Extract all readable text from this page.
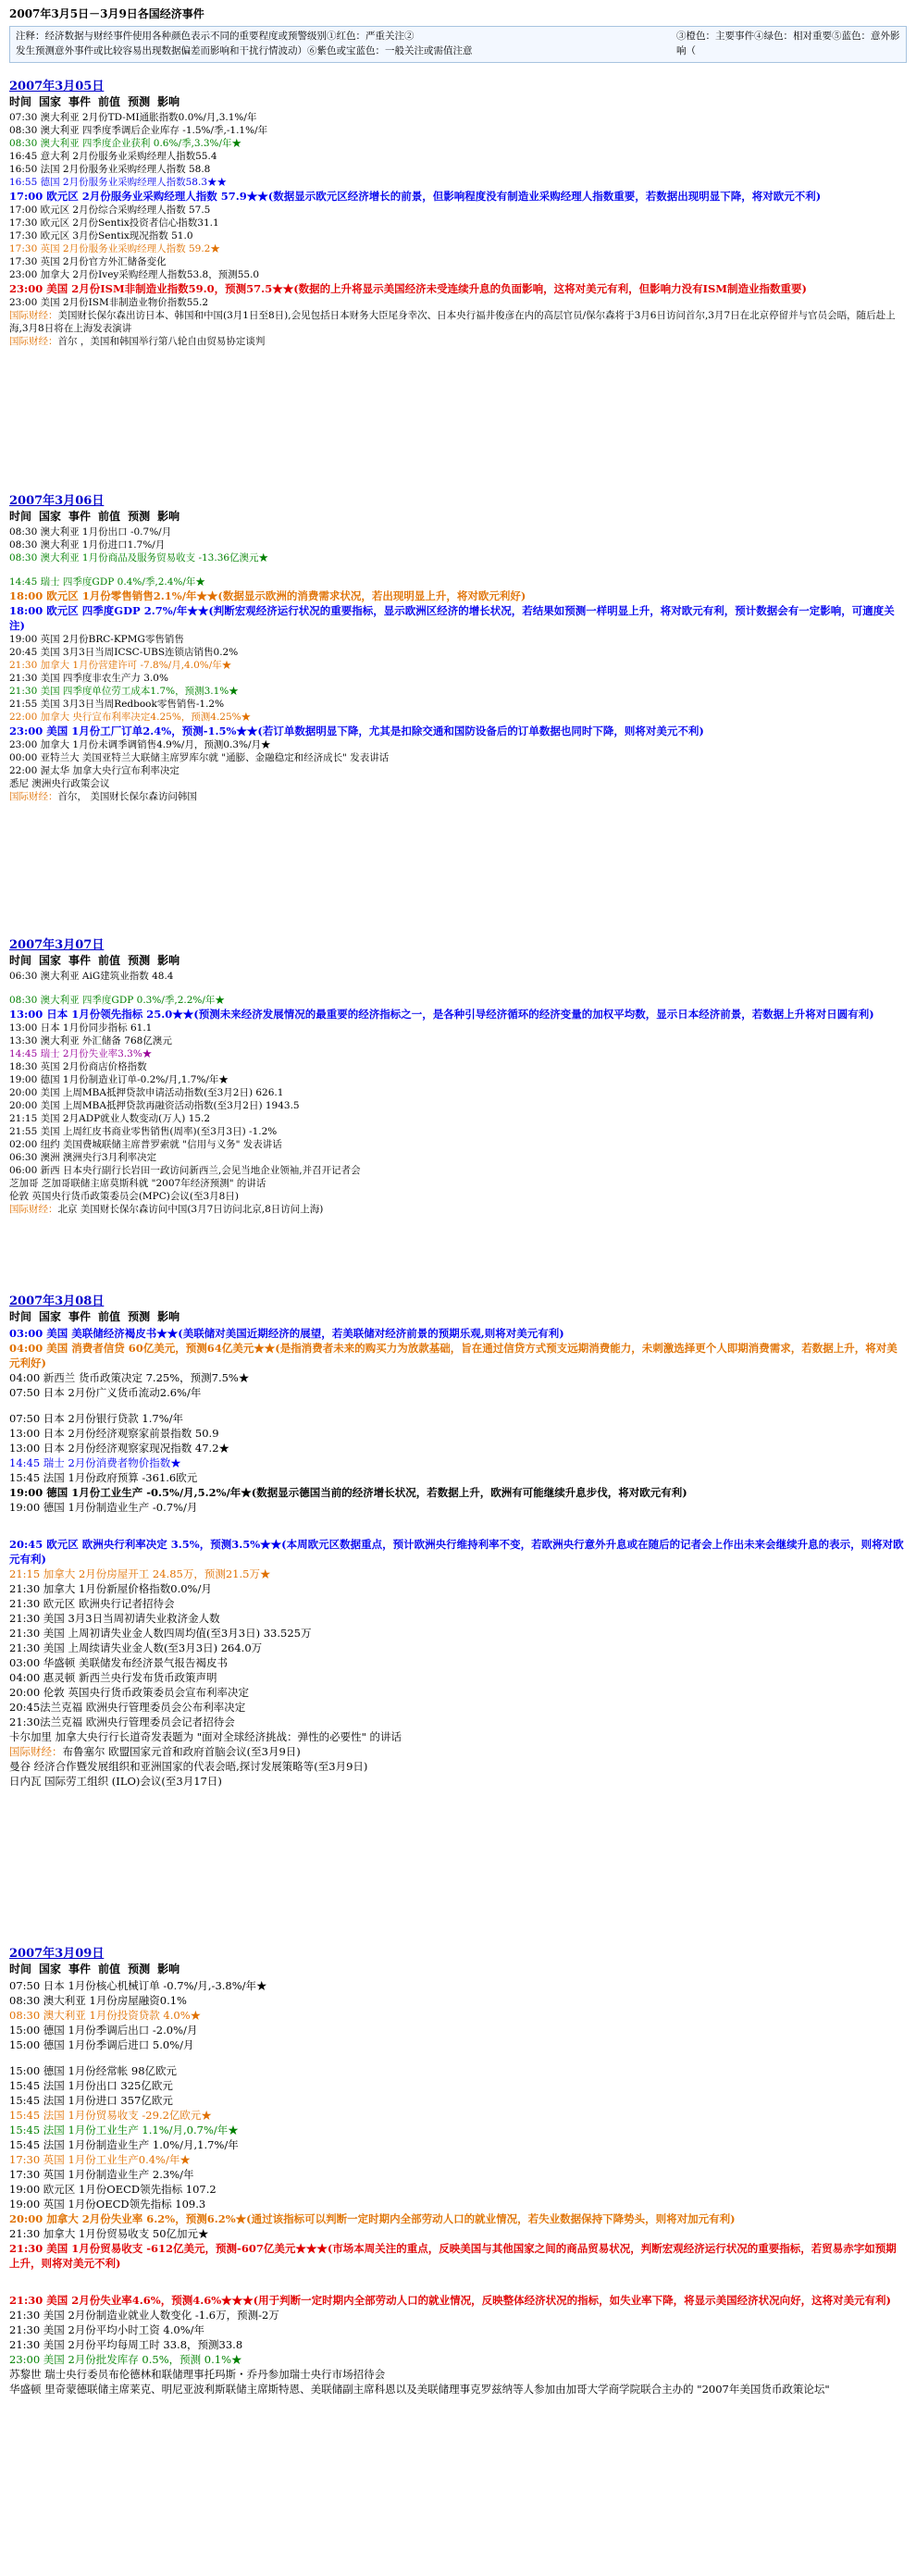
2007年3月5日－3月9日各国经济事件
注释：经济数据与财经事件使用各种颜色表示不同的重要程度或预警级别①红色：严重关注②
发生预测意外事件或比较容易出现数据偏差而影响和干扰行情波动）⑥紫色或宝蓝色：一般关注或需值注意
③橙色：主要事件④绿色：相对重要⑤蓝色：意外影响（
2007年3月05日
时间 国家 事件 前值 预测 影响
07:30 澳大利亚 2月份TD-MI通胀指数0.0%/月,3.1%/年
08:30 澳大利亚 四季度季调后企业库存 -1.5%/季,-1.1%/年
08:30 澳大利亚 四季度企业获利 0.6%/季,3.3%/年★
16:45 意大利 2月份服务业采购经理人指数55.4
16:50 法国 2月份服务业采购经理人指数 58.8
16:55 德国 2月份服务业采购经理人指数58.3★★
17:00 欧元区 2月份服务业采购经理人指数 57.9★★(数据显示欧元区经济增长的前景，但影响程度没有制造业采购经理人指数重要，若数据出现明显下降，将对欧元不利)
17:00 欧元区 2月份综合采购经理人指数 57.5
17:30 欧元区 2月份Sentix投资者信心指数31.1
17:30 欧元区 3月份Sentix现况指数 51.0
17:30 英国 2月份服务业采购经理人指数 59.2★
17:30 英国 2月份官方外汇储备变化
23:00 加拿大 2月份Ivey采购经理人指数53.8，预测55.0
23:00 美国 2月份ISM非制造业指数59.0，预测57.5★★(数据的上升将显示美国经济未受连续升息的负面影响，这将对美元有利，但影响力没有ISM制造业指数重要)
23:00 美国 2月份ISM非制造业物价指数55.2
国际财经：美国财长保尔森出访日本、韩国和中国(3月1日至8日),会见包括日本财务大臣尾身幸次、日本央行福井俊彦在内的高层官员/保尔森将于3月6日访问首尔,3月7日在北京停留并与官员会晤，随后赴上海,3月8日将在上海发表演讲
国际财经：首尔 ，美国和韩国举行第八轮自由贸易协定谈判
2007年3月06日
时间 国家 事件 前值 预测 影响
08:30 澳大利亚 1月份出口 -0.7%/月
08:30 澳大利亚 1月份进口1.7%/月
08:30 澳大利亚 1月份商品及服务贸易收支 -13.36亿澳元★
14:45 瑞士 四季度GDP 0.4%/季,2.4%/年★
18:00 欧元区 1月份零售销售2.1%/年★★(数据显示欧洲的消费需求状况，若出现明显上升，将对欧元利好)
18:00 欧元区 四季度GDP 2.7%/年★★(判断宏观经济运行状况的重要指标，显示欧洲区经济的增长状况，若结果如预测一样明显上升，将对欧元有利，预计数据会有一定影响，可適度关注)
19:00 英国 2月份BRC-KPMG零售销售
20:45 美国 3月3日当周ICSC-UBS连锁店销售0.2%
21:30 加拿大 1月份营建许可 -7.8%/月,4.0%/年★
21:30 美国 四季度非农生产力 3.0%
21:30 美国 四季度单位劳工成本1.7%，预测3.1%★
21:55 美国 3月3日当周Redbook零售销售-1.2%
22:00 加拿大 央行宣布利率决定4.25%，预测4.25%★
23:00 美国 1月份工厂订单2.4%，预测-1.5%★★(若订单数据明显下降，尤其是扣除交通和国防设备后的订单数据也同时下降，则将对美元不利)
23:00 加拿大 1月份未调季调销售4.9%/月，预测0.3%/月★
00:00 亚特兰大 美国亚特兰大联储主席罗库尔就 "通膨、金融稳定和经济成长" 发表讲话
22:00 渥太华 加拿大央行宣布利率决定
悉尼 澳洲央行政策会议
国际财经：首尔， 美国财长保尔森访问韩国
2007年3月07日
时间 国家 事件 前值 预测 影响
06:30 澳大利亚 AiG建筑业指数 48.4
08:30 澳大利亚 四季度GDP 0.3%/季,2.2%/年★
13:00 日本 1月份领先指标 25.0★★(预测未来经济发展情况的最重要的经济指标之一，是各种引导经济循环的经济变量的加权平均数，显示日本经济前景，若数据上升将对日圆有利)
13:00 日本 1月份同步指标 61.1
13:30 澳大利亚 外汇储备 768亿澳元
14:45 瑞士 2月份失业率3.3%★
18:30 英国 2月份商店价格指数
19:00 德国 1月份制造业订单-0.2%/月,1.7%/年★
20:00 美国 上周MBA抵押贷款申请活动指数(至3月2日) 626.1
20:00 美国 上周MBA抵押贷款再融资活动指数(至3月2日) 1943.5
21:15 美国 2月ADP就业人数变动(万人) 15.2
21:55 美国 上周红皮书商业零售销售(周率)(至3月3日) -1.2%
02:00 纽约 美国费城联储主席普罗索就 "信用与义务" 发表讲话
06:30 澳洲 澳洲央行3月利率决定
06:00 新西 日本央行副行长岩田一政访问新西兰,会见当地企业领袖,并召开记者会
芝加哥 芝加哥联储主席莫斯科就 "2007年经济预测" 的讲话
伦敦 英国央行货币政策委员会(MPC)会议(至3月8日)
国际财经：北京 美国财长保尔森访问中国(3月7日访问北京,8日访问上海)
2007年3月08日
时间 国家 事件 前值 预测 影响
03:00 美国 美联储经济褐皮书★★(美联储对美国近期经济的展望，若美联储对经济前景的预期乐观,则将对美元有利)
04:00 美国 消费者信贷 60亿美元，预测64亿美元★★(是指消费者未来的购买力为放款基础，旨在通过信贷方式预支远期消费能力，未刺激选择更个人即期消费需求，若数据上升，将对美元利好)
04:00 新西兰 货币政策决定 7.25%，预测7.5%★
07:50 日本 2月份广义货币流动2.6%/年
07:50 日本 2月份银行贷款 1.7%/年
13:00 日本 2月份经济观察家前景指数 50.9
13:00 日本 2月份经济观察家现况指数 47.2★
14:45 瑞士 2月份消费者物价指数★
15:45 法国 1月份政府预算 -361.6欧元
19:00 德国 1月份工业生产 -0.5%/月,5.2%/年★(数据显示德国当前的经济增长状况，若数据上升，欧洲有可能继续升息步伐，将对欧元有利)
19:00 德国 1月份制造业生产 -0.7%/月
20:45 欧元区 欧洲央行利率决定 3.5%，预测3.5%★★(本周欧元区数据重点，预计欧洲央行维持利率不变，若欧洲央行意外升息或在随后的记者会上作出未来会继续升息的表示，则将对欧元有利)
21:15 加拿大 2月份房屋开工 24.85万，预测21.5万★
21:30 加拿大 1月份新屋价格指数0.0%/月
21:30 欧元区 欧洲央行记者招待会
21:30 美国 3月3日当周初请失业救济金人数
21:30 美国 上周初请失业金人数四周均值(至3月3日) 33.525万
21:30 美国 上周续请失业金人数(至3月3日) 264.0万
03:00 华盛顿 美联储发布经济景气报告褐皮书
04:00 惠灵顿 新西兰央行发布货币政策声明
20:00 伦敦 英国央行货币政策委员会宣布利率决定
20:45法兰克福 欧洲央行管理委员会公布利率决定
21:30法兰克福 欧洲央行管理委员会记者招待会
卡尔加里 加拿大央行行长道奇发表题为 "面对全球经济挑战：弹性的必要性" 的讲话
国际财经：布鲁塞尔 欧盟国家元首和政府首脑会议(至3月9日)
曼谷 经济合作暨发展组织和亚洲国家的代表会晤,探讨发展策略等(至3月9日)
日内瓦 国际劳工组织 (ILO)会议(至3月17日)
2007年3月09日
时间 国家 事件 前值 预测 影响
07:50 日本 1月份核心机械订单 -0.7%/月,-3.8%/年★
08:30 澳大利亚 1月份房屋融资0.1%
08:30 澳大利亚 1月份投资贷款 4.0%★
15:00 德国 1月份季调后出口 -2.0%/月
15:00 德国 1月份季调后进口 5.0%/月
15:00 德国 1月份经常帐 98亿欧元
15:45 法国 1月份出口 325亿欧元
15:45 法国 1月份进口 357亿欧元
15:45 法国 1月份贸易收支 -29.2亿欧元★
15:45 法国 1月份工业生产 1.1%/月,0.7%/年★
15:45 法国 1月份制造业生产 1.0%/月,1.7%/年
17:30 英国 1月份工业生产0.4%/年★
17:30 英国 1月份制造业生产 2.3%/年
19:00 欧元区 1月份OECD领先指标 107.2
19:00 英国 1月份OECD领先指标 109.3
20:00 加拿大 2月份失业率 6.2%，预测6.2%★(通过该指标可以判断一定时期内全部劳动人口的就业情况，若失业数据保持下降势头，则将对加元有利)
21:30 加拿大 1月份贸易收支 50亿加元★
21:30 美国 1月份贸易收支 -612亿美元，预测-607亿美元★★★(市场本周关注的重点，反映美国与其他国家之间的商品贸易状况，判断宏观经济运行状况的重要指标，若贸易赤字如预期上升，则将对美元不利)
21:30 美国 2月份失业率4.6%，预测4.6%★★★(用于判断一定时期内全部劳动人口的就业情况，反映整体经济状况的指标，如失业率下降，将显示美国经济状况向好，这将对美元有利)
21:30 美国 2月份制造业就业人数变化 -1.6万，预测-2万
21:30 美国 2月份平均小时工资 4.0%/年
21:30 美国 2月份平均每周工时 33.8，预测33.8
23:00 美国 2月份批发库存 0.5%，预测 0.1%★
苏黎世 瑞士央行委员布伦德林和联储理事托玛斯・乔丹参加瑞士央行市场招待会
华盛顿 里奇蒙德联储主席莱克、明尼亚波利斯联储主席斯特恩、美联储副主席科恩以及美联储理事克罗兹纳等人参加由加哥大学商学院联合主办的 "2007年美国货币政策论坛"
